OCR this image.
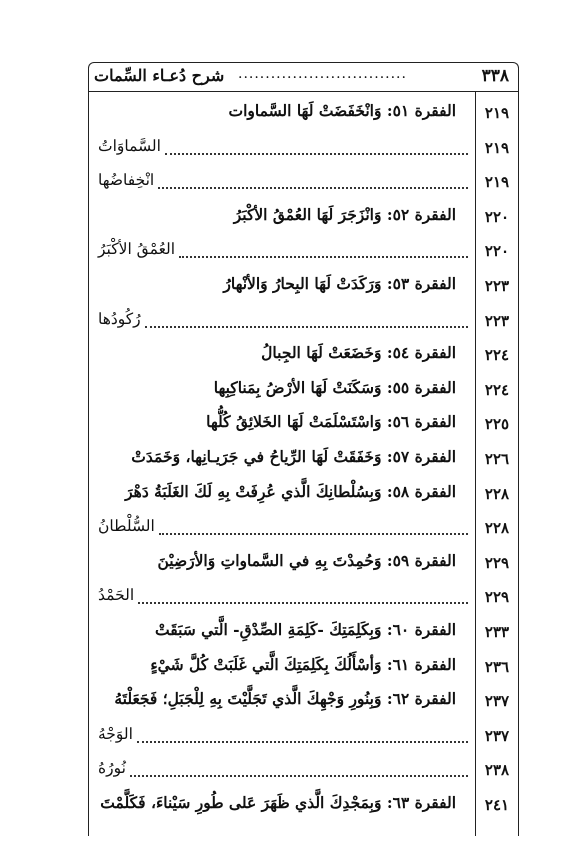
شرح دُعـاء السِّمات ...............................	٣٣٨
٢١٩
الفقرة ٥١: وَانْخَفَضَتْ لَهَا السَّماوات
٢١٩
السَّماوَاتُ
٢١٩
انْخِفاضُها
٢٢٠
الفقرة ٥٢: وَانْزَجَرَ لَهَا العُمْقُ الأكْبَرُ
٢٢٠
العُمْقُ الأكْبَرُ
٢٢٣
الفقرة ٥٣: وَرَكَدَتْ لَهَا البِحارُ وَالأنْهارُ
٢٢٣
رُكُودُها
٢٢٤
الفقرة ٥٤: وَخَضَعَتْ لَهَا الجِبالُ
٢٢٤
الفقرة ٥٥: وَسَكَنَتْ لَهَا الأرْضُ بِمَناكِبِها
٢٢٥
الفقرة ٥٦: وَاسْتَسْلَمَتْ لَهَا الخَلائِقُ كُلُّها
٢٢٦
الفقرة ٥٧: وَخَفَقَتْ لَهَا الرِّياحُ في جَرَيـانِها، وَخَمَدَتْ
٢٢٨
الفقرة ٥٨: وَبِسُلْطانِكَ الَّذي عُرِفَتْ بِهِ لَكَ الغَلَبَةُ دَهْرَ
٢٢٨
السُّلْطانُ
٢٢٩
الفقرة ٥٩: وَحُمِدْتَ بِهِ في السَّماواتِ وَالأرَضِيْنَ
٢٢٩
الحَمْدُ
٢٣٣
الفقرة ٦٠: وَبِكَلِمَتِكَ -كَلِمَةِ الصِّدْقِ- الَّتي سَبَقَتْ
٢٣٦
الفقرة ٦١: وَأسْأَلُكَ بِكَلِمَتِكَ الَّتي غَلَبَتْ كُلَّ شَيْءٍ
٢٣٧
الفقرة ٦٢: وَبِنُورِ وَجْهِكَ الَّذي تَجَلَّيْتَ بِهِ لِلْجَبَلِ؛ فَجَعَلْتَهُ
٢٣٧
الوَجْهُ
٢٣٨
نُورُهُ
٢٤١
الفقرة ٦٣: وَبِمَجْدِكَ الَّذي ظَهَرَ عَلى طُورِ سَيْناءَ، فَكَلَّمْتَ
